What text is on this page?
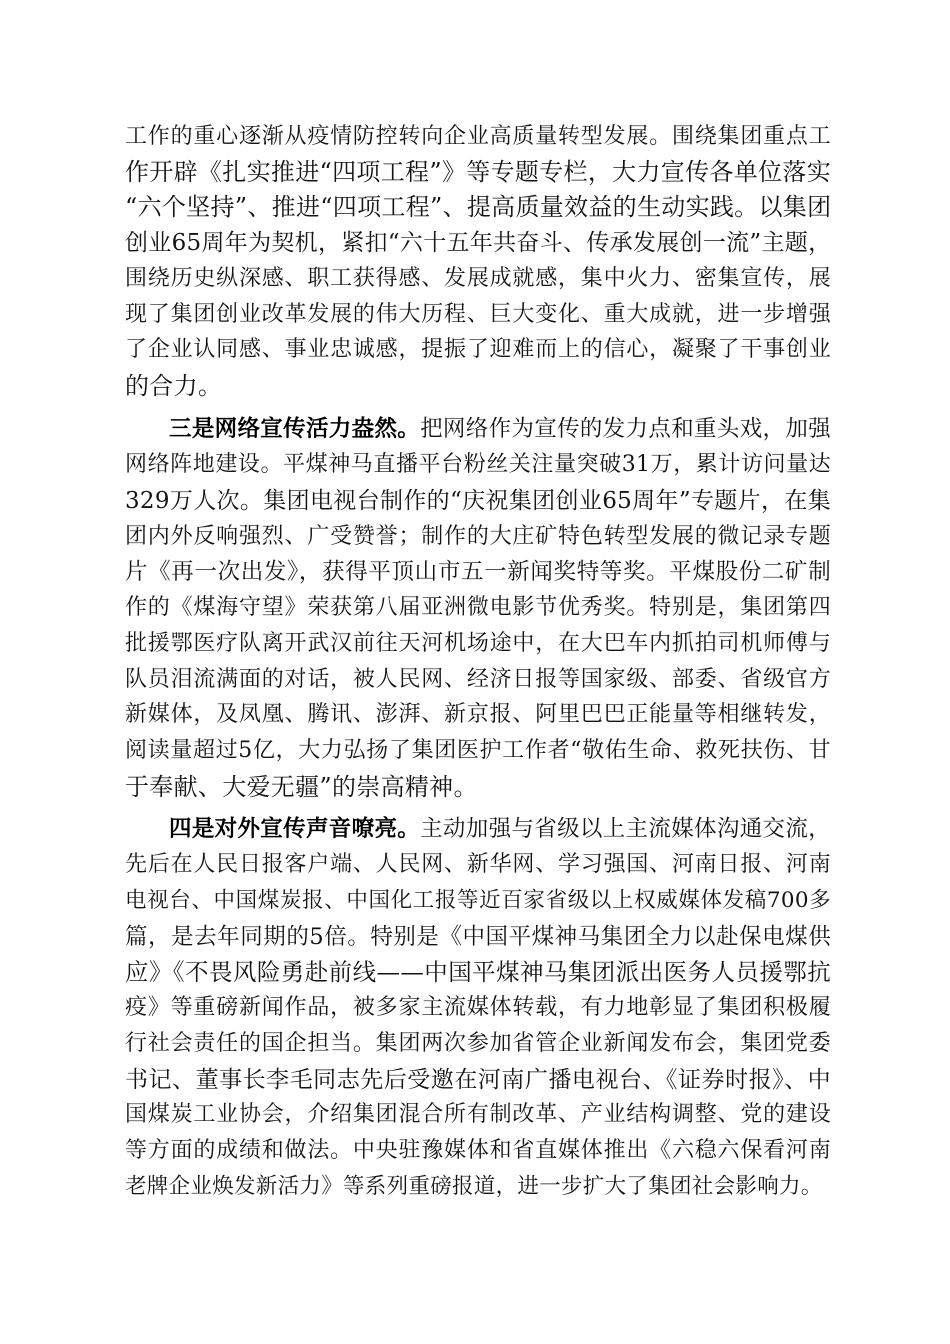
工作的重心逐渐从疫情防控转向企业高质量转型发展。围绕集团重点工
作开辟《扎实推进“四项工程”》等专题专栏，大力宣传各单位落实
“六个坚持”、推进“四项工程”、提高质量效益的生动实践。以集团
创业65周年为契机，紧扣“六十五年共奋斗、传承发展创一流”主题，
围绕历史纵深感、职工获得感、发展成就感，集中火力、密集宣传，展
现了集团创业改革发展的伟大历程、巨大变化、重大成就，进一步增强
了企业认同感、事业忠诚感，提振了迎难而上的信心，凝聚了干事创业
的合力。
三是网络宣传活力盎然。把网络作为宣传的发力点和重头戏，加强
网络阵地建设。平煤神马直播平台粉丝关注量突破31万，累计访问量达
329万人次。集团电视台制作的“庆祝集团创业65周年”专题片，在集
团内外反响强烈、广受赞誉；制作的大庄矿特色转型发展的微记录专题
片《再一次出发》，获得平顶山市五一新闻奖特等奖。平煤股份二矿制
作的《煤海守望》荣获第八届亚洲微电影节优秀奖。特别是，集团第四
批援鄂医疗队离开武汉前往天河机场途中，在大巴车内抓拍司机师傅与
队员泪流满面的对话，被人民网、经济日报等国家级、部委、省级官方
新媒体，及凤凰、腾讯、澎湃、新京报、阿里巴巴正能量等相继转发，
阅读量超过5亿，大力弘扬了集团医护工作者“敬佑生命、救死扶伤、甘
于奉献、大爱无疆”的崇高精神。
四是对外宣传声音嘹亮。主动加强与省级以上主流媒体沟通交流，
先后在人民日报客户端、人民网、新华网、学习强国、河南日报、河南
电视台、中国煤炭报、中国化工报等近百家省级以上权威媒体发稿700多
篇，是去年同期的5倍。特别是《中国平煤神马集团全力以赴保电煤供
应》《不畏风险勇赴前线——中国平煤神马集团派出医务人员援鄂抗
疫》等重磅新闻作品，被多家主流媒体转载，有力地彰显了集团积极履
行社会责任的国企担当。集团两次参加省管企业新闻发布会，集团党委
书记、董事长李毛同志先后受邀在河南广播电视台、《证券时报》、中
国煤炭工业协会，介绍集团混合所有制改革、产业结构调整、党的建设
等方面的成绩和做法。中央驻豫媒体和省直媒体推出《六稳六保看河南
老牌企业焕发新活力》等系列重磅报道，进一步扩大了集团社会影响力。
